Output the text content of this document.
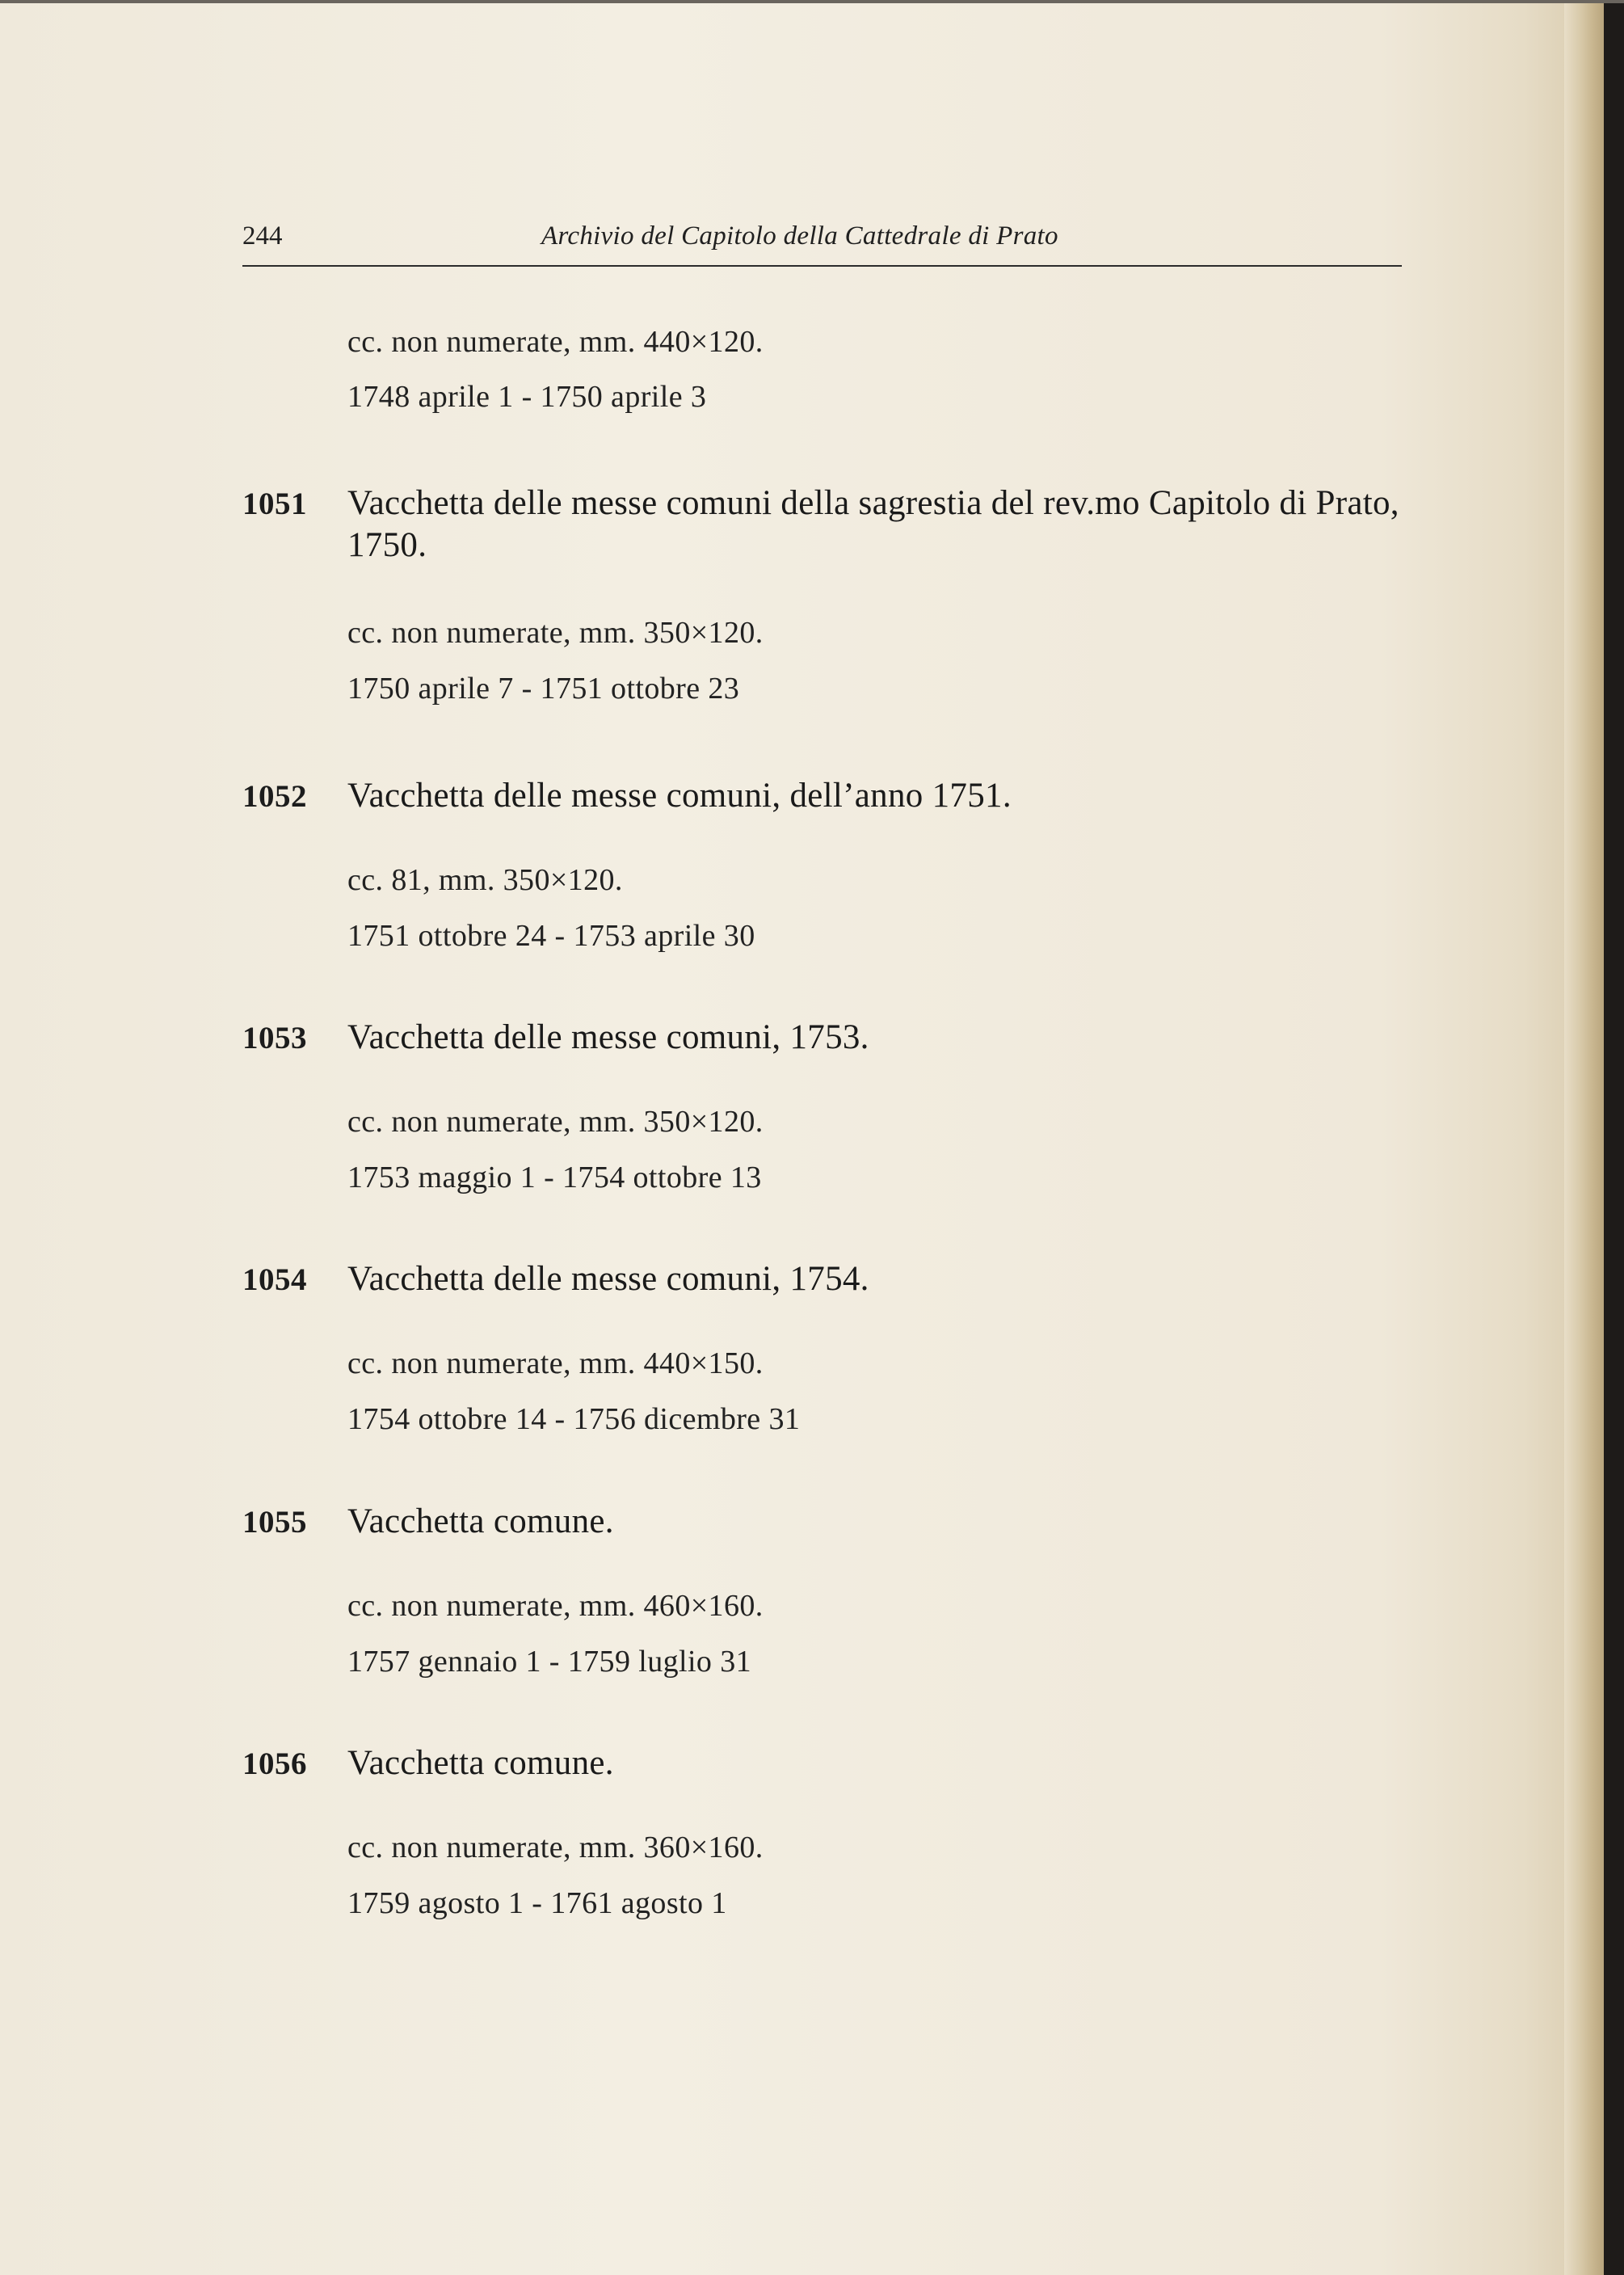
244	Archivio del Capitolo della Cattedrale di Prato
cc. non numerate, mm. 440×120.
1748 aprile 1 - 1750 aprile 3
1051 Vacchetta delle messe comuni della sagrestia del rev.mo Capitolo di Prato, 1750.
cc. non numerate, mm. 350×120.
1750 aprile 7 - 1751 ottobre 23
1052 Vacchetta delle messe comuni, dell’anno 1751.
cc. 81, mm. 350×120.
1751 ottobre 24 - 1753 aprile 30
1053 Vacchetta delle messe comuni, 1753.
cc. non numerate, mm. 350×120.
1753 maggio 1 - 1754 ottobre 13
1054 Vacchetta delle messe comuni, 1754.
cc. non numerate, mm. 440×150.
1754 ottobre 14 - 1756 dicembre 31
1055 Vacchetta comune.
cc. non numerate, mm. 460×160.
1757 gennaio 1 - 1759 luglio 31
1056 Vacchetta comune.
cc. non numerate, mm. 360×160.
1759 agosto 1 - 1761 agosto 1
